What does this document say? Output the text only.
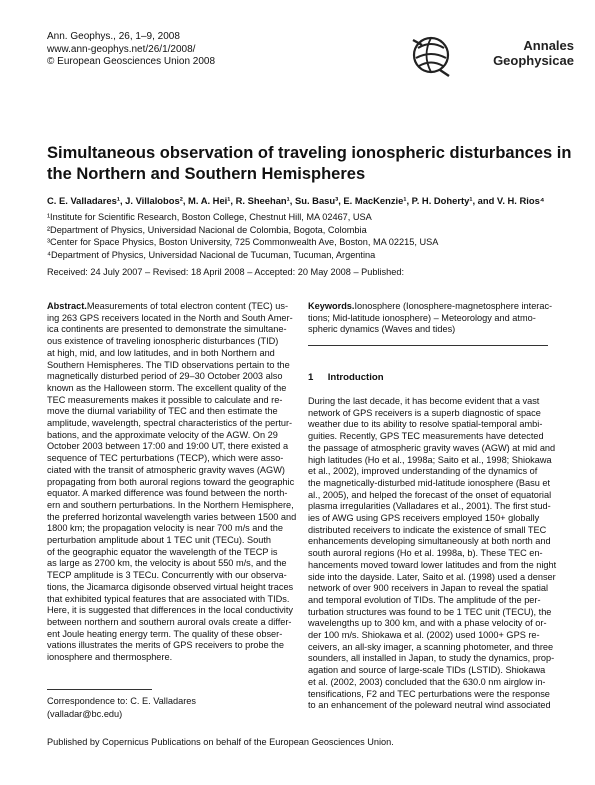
Ann. Geophys., 26, 1–9, 2008
www.ann-geophys.net/26/1/2008/
© European Geosciences Union 2008
Annales
Geophysicae
Simultaneous observation of traveling ionospheric disturbances in the Northern and Southern Hemispheres
C. E. Valladares¹, J. Villalobos², M. A. Hei¹, R. Sheehan¹, Su. Basu³, E. MacKenzie¹, P. H. Doherty¹, and V. H. Rios⁴
¹Institute for Scientific Research, Boston College, Chestnut Hill, MA 02467, USA
²Department of Physics, Universidad Nacional de Colombia, Bogota, Colombia
³Center for Space Physics, Boston University, 725 Commonwealth Ave, Boston, MA 02215, USA
⁴Department of Physics, Universidad Nacional de Tucuman, Tucuman, Argentina
Received: 24 July 2007 – Revised: 18 April 2008 – Accepted: 20 May 2008 – Published:
Abstract.Measurements of total electron content (TEC) us-
ing 263 GPS receivers located in the North and South Amer-
ica continents are presented to demonstrate the simultane-
ous existence of traveling ionospheric disturbances (TID)
at high, mid, and low latitudes, and in both Northern and
Southern Hemispheres. The TID observations pertain to the
magnetically disturbed period of 29–30 October 2003 also
known as the Halloween storm. The excellent quality of the
TEC measurements makes it possible to calculate and re-
move the diurnal variability of TEC and then estimate the
amplitude, wavelength, spectral characteristics of the pertur-
bations, and the approximate velocity of the AGW. On 29
October 2003 between 17:00 and 19:00 UT, there existed a
sequence of TEC perturbations (TECP), which were asso-
ciated with the transit of atmospheric gravity waves (AGW)
propagating from both auroral regions toward the geographic
equator. A marked difference was found between the north-
ern and southern perturbations. In the Northern Hemisphere,
the preferred horizontal wavelength varies between 1500 and
1800 km; the propagation velocity is near 700 m/s and the
perturbation amplitude about 1 TEC unit (TECu). South
of the geographic equator the wavelength of the TECP is
as large as 2700 km, the velocity is about 550 m/s, and the
TECP amplitude is 3 TECu. Concurrently with our observa-
tions, the Jicamarca digisonde observed virtual height traces
that exhibited typical features that are associated with TIDs.
Here, it is suggested that differences in the local conductivity
between northern and southern auroral ovals create a differ-
ent Joule heating energy term. The quality of these obser-
vations illustrates the merits of GPS receivers to probe the
ionosphere and thermosphere.
Keywords.Ionosphere (Ionosphere-magnetosphere interac-
tions; Mid-latitude ionosphere) – Meteorology and atmo-
spheric dynamics (Waves and tides)
1 Introduction
During the last decade, it has become evident that a vast
network of GPS receivers is a superb diagnostic of space
weather due to its ability to resolve spatial-temporal ambi-
guities. Recently, GPS TEC measurements have detected
the passage of atmospheric gravity waves (AGW) at mid and
high latitudes (Ho et al., 1998a; Saito et al., 1998; Shiokawa
et al., 2002), improved understanding of the dynamics of
the magnetically-disturbed mid-latitude ionosphere (Basu et
al., 2005), and helped the forecast of the onset of equatorial
plasma irregularities (Valladares et al., 2001). The first stud-
ies of AWG using GPS receivers employed 150+ globally
distributed receivers to indicate the existence of small TEC
enhancements developing simultaneously at both north and
south auroral regions (Ho et al. 1998a, b). These TEC en-
hancements moved toward lower latitudes and from the night
side into the dayside. Later, Saito et al. (1998) used a denser
network of over 900 receivers in Japan to reveal the spatial
and temporal evolution of TIDs. The amplitude of the per-
turbation structures was found to be 1 TEC unit (TECU), the
wavelengths up to 300 km, and with a phase velocity of or-
der 100 m/s. Shiokawa et al. (2002) used 1000+ GPS re-
ceivers, an all-sky imager, a scanning photometer, and three
sounders, all installed in Japan, to study the dynamics, prop-
agation and source of large-scale TIDs (LSTID). Shiokawa
et al. (2002, 2003) concluded that the 630.0 nm airglow in-
tensifications, F2 and TEC perturbations were the response
to an enhancement of the poleward neutral wind associated
Correspondence to: C. E. Valladares
(valladar@bc.edu)
Published by Copernicus Publications on behalf of the European Geosciences Union.
